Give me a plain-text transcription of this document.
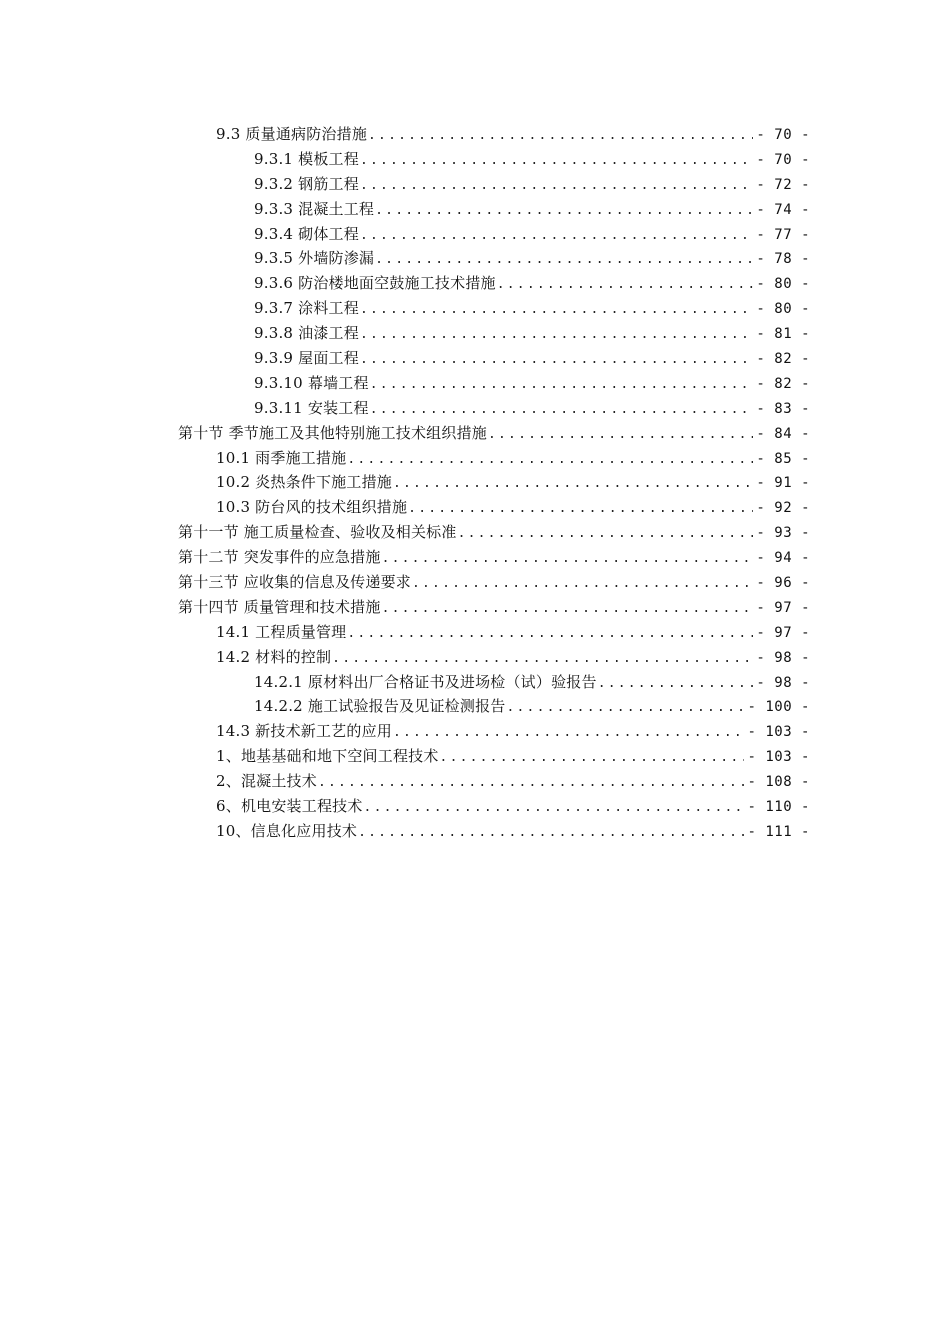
9.3 质量通病防治措施 .....	- 70 -
9.3.1 模板工程 .....	- 70 -
9.3.2 钢筋工程 .....	- 72 -
9.3.3 混凝土工程 .....	- 74 -
9.3.4 砌体工程 .....	- 77 -
9.3.5 外墙防渗漏 .....	- 78 -
9.3.6 防治楼地面空鼓施工技术措施 .....	- 80 -
9.3.7 涂料工程 .....	- 80 -
9.3.8 油漆工程 .....	- 81 -
9.3.9 屋面工程 .....	- 82 -
9.3.10 幕墙工程 .....	- 82 -
9.3.11 安装工程 .....	- 83 -
第十节 季节施工及其他特别施工技术组织措施 .....	- 84 -
10.1 雨季施工措施 .....	- 85 -
10.2 炎热条件下施工措施 .....	- 91 -
10.3 防台风的技术组织措施 .....	- 92 -
第十一节 施工质量检查、验收及相关标准 .....	- 93 -
第十二节 突发事件的应急措施 .....	- 94 -
第十三节 应收集的信息及传递要求 .....	- 96 -
第十四节 质量管理和技术措施 .....	- 97 -
14.1 工程质量管理 .....	- 97 -
14.2 材料的控制 .....	- 98 -
14.2.1 原材料出厂合格证书及进场检（试）验报告 .....	- 98 -
14.2.2 施工试验报告及见证检测报告 .....	- 100 -
14.3 新技术新工艺的应用 .....	- 103 -
1、地基基础和地下空间工程技术 .....	- 103 -
2、混凝土技术 .....	- 108 -
6、机电安装工程技术 .....	- 110 -
10、信息化应用技术 .....	- 111 -
